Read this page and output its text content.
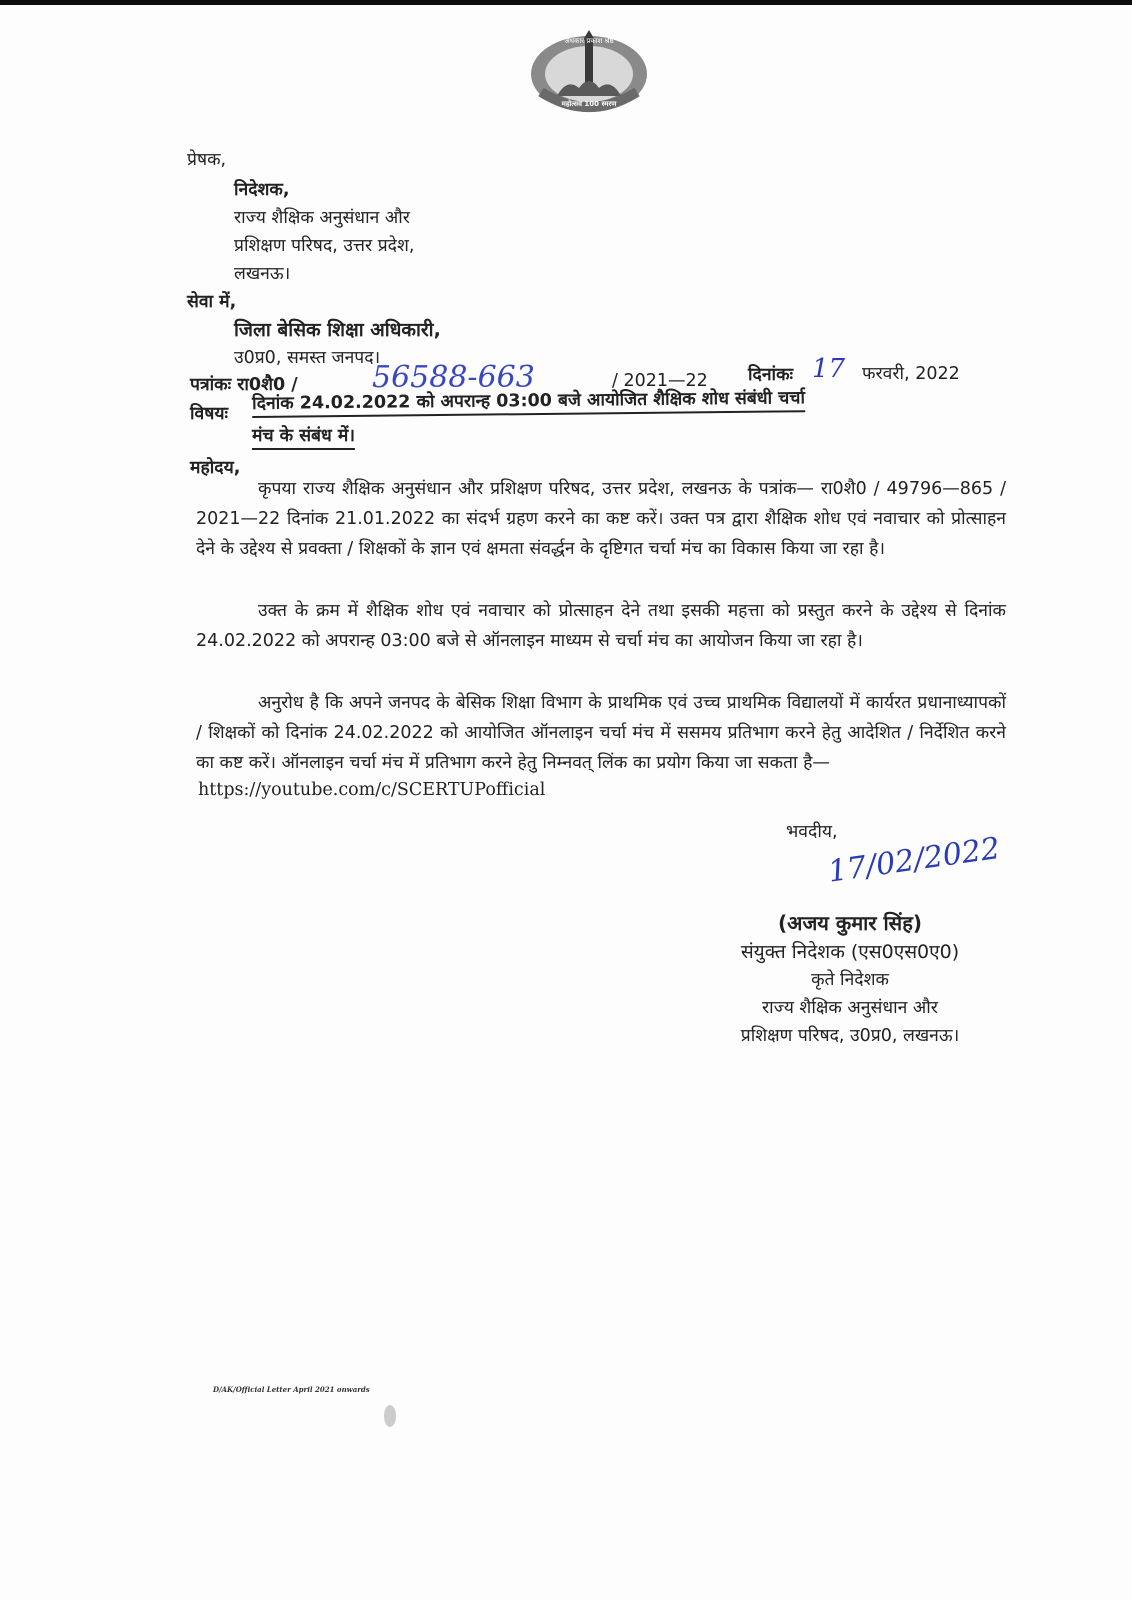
अंधकार प्रकाश श्रेष्ठ
महोत्सव 100 स्मरण
प्रेषक,
निदेशक,
राज्य शैक्षिक अनुसंधान और
प्रशिक्षण परिषद, उत्तर प्रदेश,
लखनऊ।
सेवा में,
जिला बेसिक शिक्षा अधिकारी,
उ0प्र0, समस्त जनपद।
पत्रांकः रा0शै0 / 56588-663	/ 2021—22 दिनांकः 17 फरवरी, 2022
विषयः
दिनांक 24.02.2022 को अपरान्ह 03:00 बजे आयोजित शैक्षिक शोध संबंधी चर्चा
मंच के संबंध में।
महोदय,
कृपया राज्य शैक्षिक अनुसंधान और प्रशिक्षण परिषद, उत्तर प्रदेश, लखनऊ के पत्रांक— रा0शै0 / 49796—865 / 2021—22 दिनांक 21.01.2022 का संदर्भ ग्रहण करने का कष्ट करें। उक्त पत्र द्वारा शैक्षिक शोध एवं नवाचार को प्रोत्साहन देने के उद्देश्य से प्रवक्ता / शिक्षकों के ज्ञान एवं क्षमता संवर्द्धन के दृष्टिगत चर्चा मंच का विकास किया जा रहा है।
उक्त के क्रम में शैक्षिक शोध एवं नवाचार को प्रोत्साहन देने तथा इसकी महत्ता को प्रस्तुत करने के उद्देश्य से दिनांक 24.02.2022 को अपरान्ह 03:00 बजे से ऑनलाइन माध्यम से चर्चा मंच का आयोजन किया जा रहा है।
अनुरोध है कि अपने जनपद के बेसिक शिक्षा विभाग के प्राथमिक एवं उच्च प्राथमिक विद्यालयों में कार्यरत प्रधानाध्यापकों / शिक्षकों को दिनांक 24.02.2022 को आयोजित ऑनलाइन चर्चा मंच में ससमय प्रतिभाग करने हेतु आदेशित / निर्देशित करने का कष्ट करें। ऑनलाइन चर्चा मंच में प्रतिभाग करने हेतु निम्नवत् लिंक का प्रयोग किया जा सकता है—
https://youtube.com/c/SCERTUPofficial
भवदीय,
17/02/2022
(अजय कुमार सिंह)
संयुक्त निदेशक (एस0एस0ए0)
कृते निदेशक
राज्य शैक्षिक अनुसंधान और
प्रशिक्षण परिषद, उ0प्र0, लखनऊ।
D/AK/Official Letter April 2021 onwards
